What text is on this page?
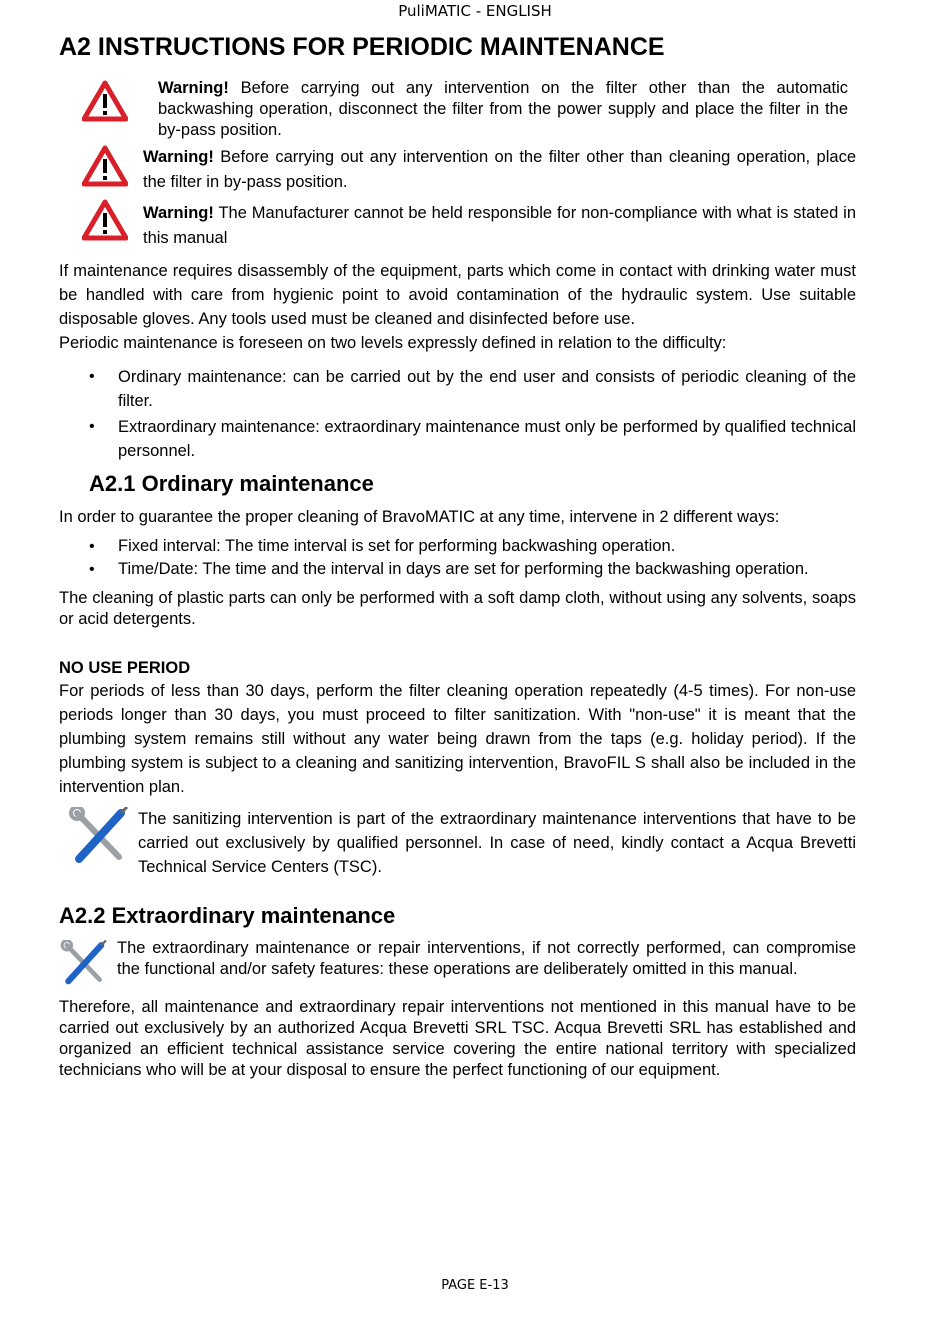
PuliMATIC - ENGLISH
A2 INSTRUCTIONS FOR PERIODIC MAINTENANCE
Warning! Before carrying out any intervention on the filter other than the automatic backwashing operation, disconnect the filter from the power supply and place the filter in the by-pass position.
Warning! Before carrying out any intervention on the filter other than cleaning operation, place the filter in by-pass position.
Warning! The Manufacturer cannot be held responsible for non-compliance with what is stated in this manual

If maintenance requires disassembly of the equipment, parts which come in contact with drinking water must be handled with care from hygienic point to avoid contamination of the hydraulic system. Use suitable disposable gloves. Any tools used must be cleaned and disinfected before use.

Periodic maintenance is foreseen on two levels expressly defined in relation to the difficulty:

• Ordinary maintenance: can be carried out by the end user and consists of periodic cleaning of the filter.
• Extraordinary maintenance: extraordinary maintenance must only be performed by qualified technical personnel.
A2.1 Ordinary maintenance

In order to guarantee the proper cleaning of BravoMATIC at any time, intervene in 2 different ways:

• Fixed interval: The time interval is set for performing backwashing operation.
• Time/Date: The time and the interval in days are set for performing the backwashing operation.

The cleaning of plastic parts can only be performed with a soft damp cloth, without using any solvents, soaps or acid detergents.

NO USE PERIOD

For periods of less than 30 days, perform the filter cleaning operation repeatedly (4-5 times). For non-use periods longer than 30 days, you must proceed to filter sanitization. With "non-use" it is meant that the plumbing system remains still without any water being drawn from the taps (e.g. holiday period). If the plumbing system is subject to a cleaning and sanitizing intervention, BravoFIL S shall also be included in the intervention plan.

The sanitizing intervention is part of the extraordinary maintenance interventions that have to be carried out exclusively by qualified personnel. In case of need, kindly contact a Acqua Brevetti Technical Service Centers (TSC).

A2.2 Extraordinary maintenance

The extraordinary maintenance or repair interventions, if not correctly performed, can compromise the functional and/or safety features: these operations are deliberately omitted in this manual.

Therefore, all maintenance and extraordinary repair interventions not mentioned in this manual have to be carried out exclusively by an authorized Acqua Brevetti SRL TSC. Acqua Brevetti SRL has established and organized an efficient technical assistance service covering the entire national territory with specialized technicians who will be at your disposal to ensure the perfect functioning of our equipment.

PAGE E-13
